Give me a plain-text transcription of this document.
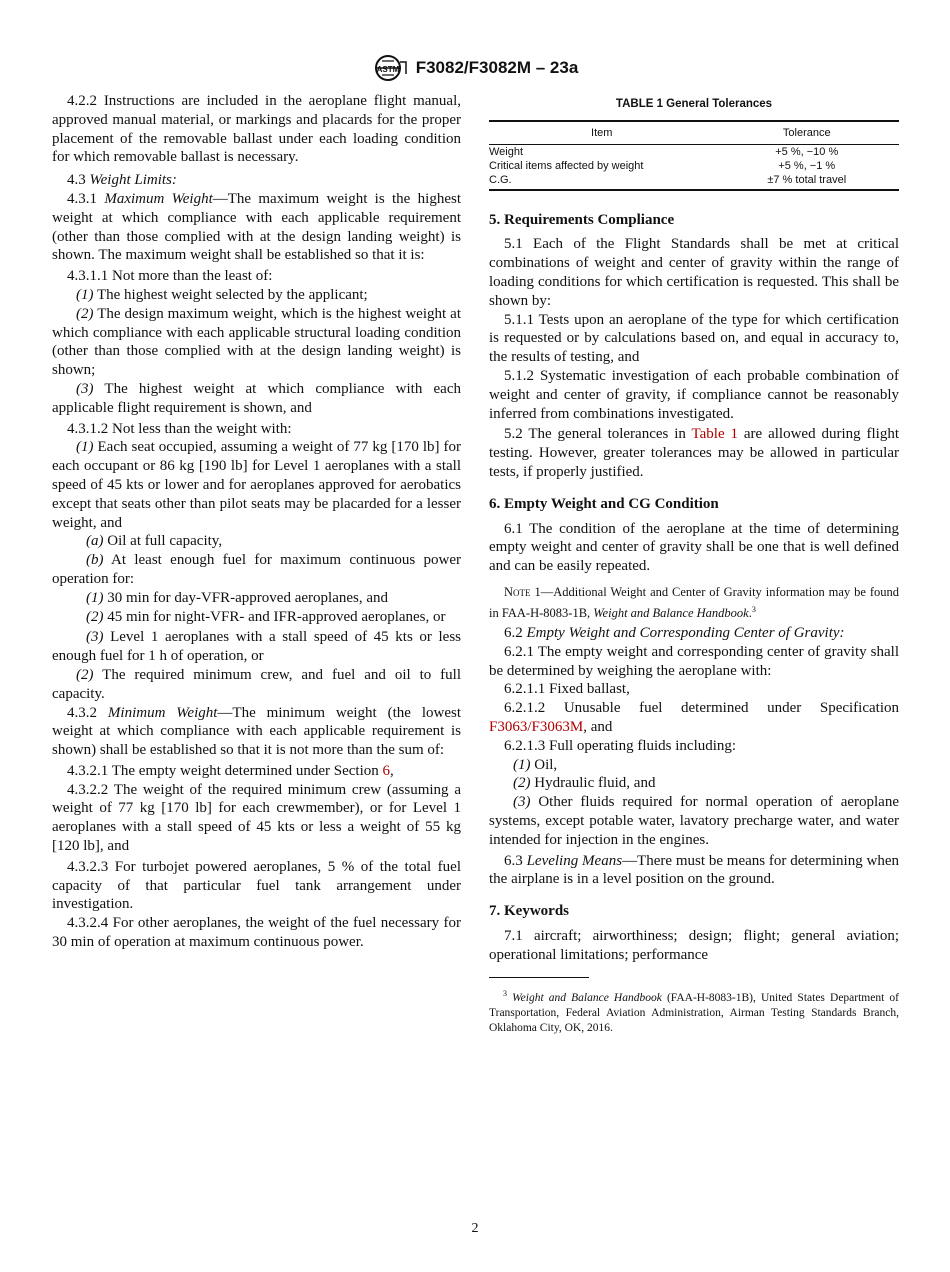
ASTM F3082/F3082M – 23a

4.2.2 Instructions are included in the aeroplane flight manual, approved manual material, or markings and placards for the proper placement of the removable ballast under each loading condition for which removable ballast is necessary.

4.3 Weight Limits:

4.3.1 Maximum Weight—The maximum weight is the highest weight at which compliance with each applicable requirement (other than those complied with at the design landing weight) is shown. The maximum weight shall be established so that it is:

4.3.1.1 Not more than the least of:

(1) The highest weight selected by the applicant;

(2) The design maximum weight, which is the highest weight at which compliance with each applicable structural loading condition (other than those complied with at the design landing weight) is shown;

(3) The highest weight at which compliance with each applicable flight requirement is shown, and

4.3.1.2 Not less than the weight with:

(1) Each seat occupied, assuming a weight of 77 kg [170 lb] for each occupant or 86 kg [190 lb] for Level 1 aeroplanes with a stall speed of 45 kts or lower and for aeroplanes approved for aerobatics except that seats other than pilot seats may be placarded for a lesser weight, and

(a) Oil at full capacity,

(b) At least enough fuel for maximum continuous power operation for:

(1) 30 min for day-VFR-approved aeroplanes, and

(2) 45 min for night-VFR- and IFR-approved aeroplanes, or

(3) Level 1 aeroplanes with a stall speed of 45 kts or less enough fuel for 1 h of operation, or

(2) The required minimum crew, and fuel and oil to full capacity.

4.3.2 Minimum Weight—The minimum weight (the lowest weight at which compliance with each applicable requirement is shown) shall be established so that it is not more than the sum of:

4.3.2.1 The empty weight determined under Section 6,

4.3.2.2 The weight of the required minimum crew (assuming a weight of 77 kg [170 lb] for each crewmember), or for Level 1 aeroplanes with a stall speed of 45 kts or less a weight of 55 kg [120 lb], and

4.3.2.3 For turbojet powered aeroplanes, 5 % of the total fuel capacity of that particular fuel tank arrangement under investigation.

4.3.2.4 For other aeroplanes, the weight of the fuel necessary for 30 min of operation at maximum continuous power.

TABLE 1 General Tolerances
Item	Tolerance
Weight	+5 %, −10 %
Critical items affected by weight	+5 %, −1 %
C.G.	±7 % total travel
5. Requirements Compliance

5.1 Each of the Flight Standards shall be met at critical combinations of weight and center of gravity within the range of loading conditions for which certification is requested. This shall be shown by:

5.1.1 Tests upon an aeroplane of the type for which certification is requested or by calculations based on, and equal in accuracy to, the results of testing, and

5.1.2 Systematic investigation of each probable combination of weight and center of gravity, if compliance cannot be reasonably inferred from combinations investigated.

5.2 The general tolerances in Table 1 are allowed during flight testing. However, greater tolerances may be allowed in particular tests, if properly justified.

6. Empty Weight and CG Condition

6.1 The condition of the aeroplane at the time of determining empty weight and center of gravity shall be one that is well defined and can be easily repeated.

Note 1—Additional Weight and Center of Gravity information may be found in FAA-H-8083-1B, Weight and Balance Handbook.$^3$

6.2 Empty Weight and Corresponding Center of Gravity:

6.2.1 The empty weight and corresponding center of gravity shall be determined by weighing the aeroplane with:

6.2.1.1 Fixed ballast,

6.2.1.2 Unusable fuel determined under Specification F3063/F3063M, and

6.2.1.3 Full operating fluids including:

(1) Oil,

(2) Hydraulic fluid, and

(3) Other fluids required for normal operation of aeroplane systems, except potable water, lavatory precharge water, and water intended for injection in the engines.

6.3 Leveling Means—There must be means for determining when the airplane is in a level position on the ground.

7. Keywords

7.1 aircraft; airworthiness; design; flight; general aviation; operational limitations; performance

$^3$ Weight and Balance Handbook (FAA-H-8083-1B), United States Department of Transportation, Federal Aviation Administration, Airman Testing Standards Branch, Oklahoma City, OK, 2016.

2
